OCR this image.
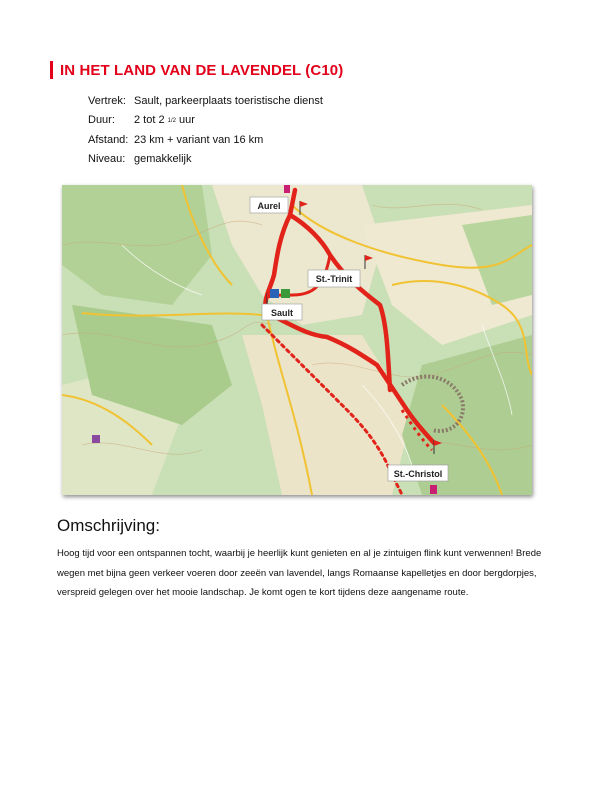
IN HET LAND VAN DE LAVENDEL (C10)
Vertrek: Sault, parkeerplaats toeristische dienst
Duur:	2 tot 2 1/2 uur
Afstand: 23 km + variant van 16 km
Niveau: gemakkelijk
Aurel
St.-Trinit
Sault
St.-Christol
Omschrijving:
Hoog tijd voor een ontspannen tocht, waarbij je heerlijk kunt genieten en al je zintuigen flink kunt verwennen! Brede wegen met bijna geen verkeer voeren door zeeën van lavendel, langs Romaanse kapelletjes en door bergdorpjes, verspreid gelegen over het mooie landschap. Je komt ogen te kort tijdens deze aangename route.
